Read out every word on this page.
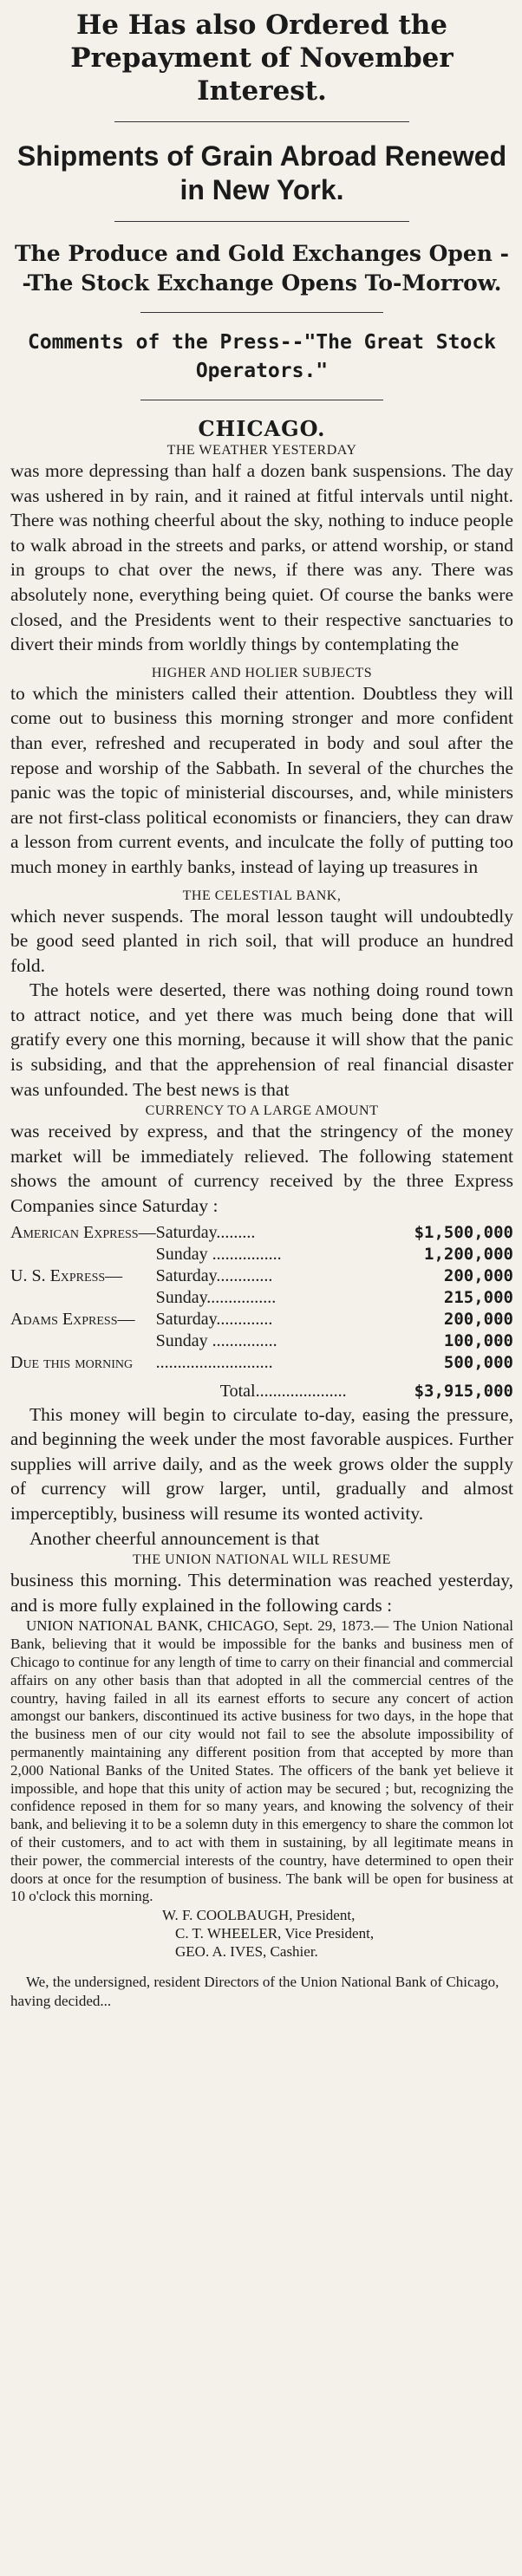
He Has also Ordered the Prepayment of November Interest.
Shipments of Grain Abroad Renewed in New York.
The Produce and Gold Exchanges Open --The Stock Exchange Opens To-Morrow.
Comments of the Press--"The Great Stock Operators."
CHICAGO.
THE WEATHER YESTERDAY

was more depressing than half a dozen bank suspensions. The day was ushered in by rain, and it rained at fitful intervals until night. There was nothing cheerful about the sky, nothing to induce people to walk abroad in the streets and parks, or attend worship, or stand in groups to chat over the news, if there was any. There was absolutely none, everything being quiet. Of course the banks were closed, and the Presidents went to their respective sanctuaries to divert their minds from worldly things by contemplating the

HIGHER AND HOLIER SUBJECTS

to which the ministers called their attention. Doubtless they will come out to business this morning stronger and more confident than ever, refreshed and recuperated in body and soul after the repose and worship of the Sabbath. In several of the churches the panic was the topic of ministerial discourses, and, while ministers are not first-class political economists or financiers, they can draw a lesson from current events, and inculcate the folly of putting too much money in earthly banks, instead of laying up treasures in

THE CELESTIAL BANK,

which never suspends. The moral lesson taught will undoubtedly be good seed planted in rich soil, that will produce an hundred fold.

The hotels were deserted, there was nothing doing round town to attract notice, and yet there was much being done that will gratify every one this morning, because it will show that the panic is subsiding, and that the apprehension of real financial disaster was unfounded. The best news is that

CURRENCY TO A LARGE AMOUNT

was received by express, and that the stringency of the money market will be immediately relieved. The following statement shows the amount of currency received by the three Express Companies since Saturday :

American Express—	Saturday.........	$1,500,000
	Sunday ................	1,200,000
U. S. Express—	Saturday.............	200,000
	Sunday................	215,000
Adams Express—	Saturday.............	200,000
	Sunday ...............	100,000
Due this morning	...........................	500,000
	Total.....................	$3,915,000

This money will begin to circulate to-day, easing the pressure, and beginning the week under the most favorable auspices. Further supplies will arrive daily, and as the week grows older the supply of currency will grow larger, until, gradually and almost imperceptibly, business will resume its wonted activity.

Another cheerful announcement is that

THE UNION NATIONAL WILL RESUME

business this morning. This determination was reached yesterday, and is more fully explained in the following cards :

UNION NATIONAL BANK, CHICAGO, Sept. 29, 1873.— The Union National Bank, believing that it would be impossible for the banks and business men of Chicago to continue for any length of time to carry on their financial and commercial affairs on any other basis than that adopted in all the commercial centres of the country, having failed in all its earnest efforts to secure any concert of action amongst our bankers, discontinued its active business for two days, in the hope that the business men of our city would not fail to see the absolute impossibility of permanently maintaining any different position from that accepted by more than 2,000 National Banks of the United States. The officers of the bank yet believe it impossible, and hope that this unity of action may be secured ; but, recognizing the confidence reposed in them for so many years, and knowing the solvency of their bank, and believing it to be a solemn duty in this emergency to share the common lot of their customers, and to act with them in sustaining, by all legitimate means in their power, the commercial interests of the country, have determined to open their doors at once for the resumption of business. The bank will be open for business at 10 o'clock this morning.

W. F. COOLBAUGH, President,
C. T. WHEELER, Vice President,
GEO. A. IVES, Cashier.

We, the undersigned, resident Directors of the Union National Bank of Chicago, having decided...
